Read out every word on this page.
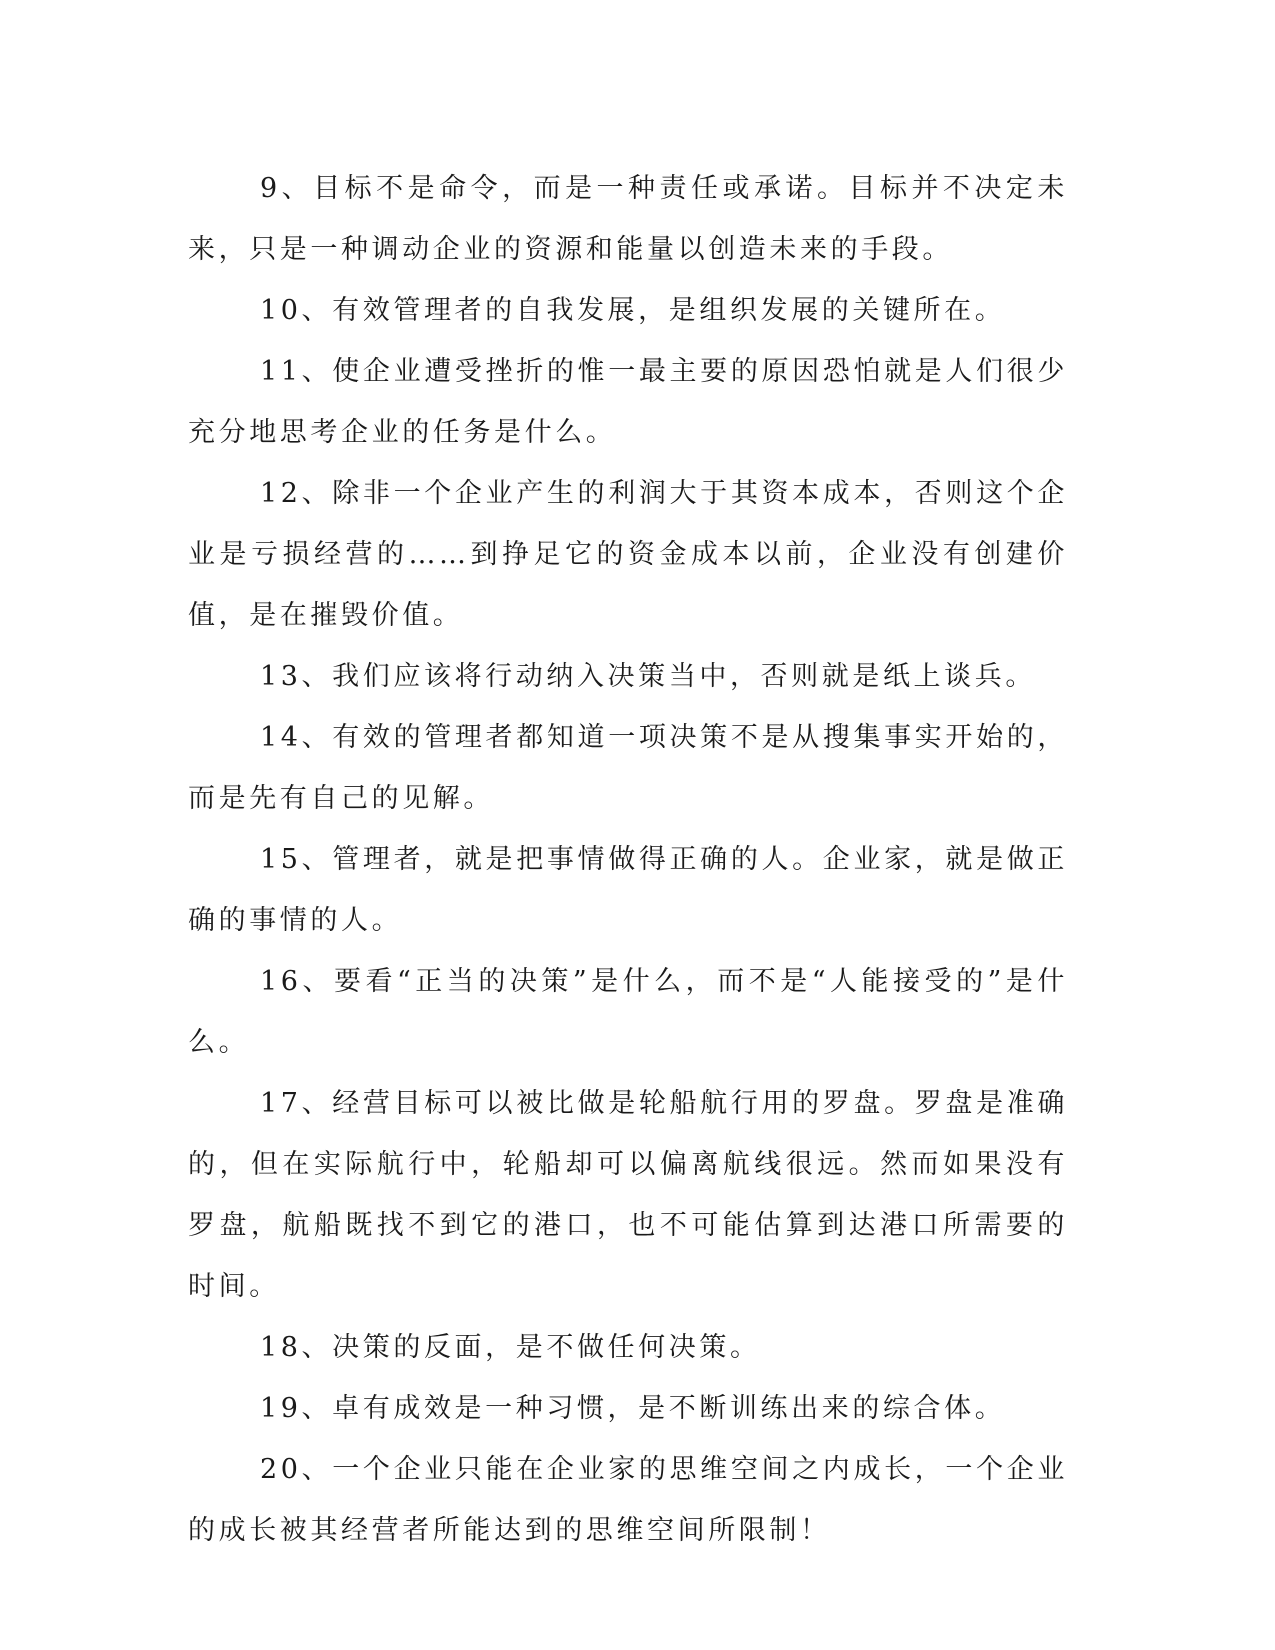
9、目标不是命令，而是一种责任或承诺。目标并不决定未来，只是一种调动企业的资源和能量以创造未来的手段。

10、有效管理者的自我发展，是组织发展的关键所在。

11、使企业遭受挫折的惟一最主要的原因恐怕就是人们很少充分地思考企业的任务是什么。

12、除非一个企业产生的利润大于其资本成本，否则这个企业是亏损经营的……到挣足它的资金成本以前，企业没有创建价值，是在摧毁价值。

13、我们应该将行动纳入决策当中，否则就是纸上谈兵。

14、有效的管理者都知道一项决策不是从搜集事实开始的，而是先有自己的见解。

15、管理者，就是把事情做得正确的人。企业家，就是做正确的事情的人。

16、要看“正当的决策”是什么，而不是“人能接受的”是什么。

17、经营目标可以被比做是轮船航行用的罗盘。罗盘是准确的，但在实际航行中，轮船却可以偏离航线很远。然而如果没有罗盘，航船既找不到它的港口，也不可能估算到达港口所需要的时间。

18、决策的反面，是不做任何决策。

19、卓有成效是一种习惯，是不断训练出来的综合体。

20、一个企业只能在企业家的思维空间之内成长，一个企业的成长被其经营者所能达到的思维空间所限制！
